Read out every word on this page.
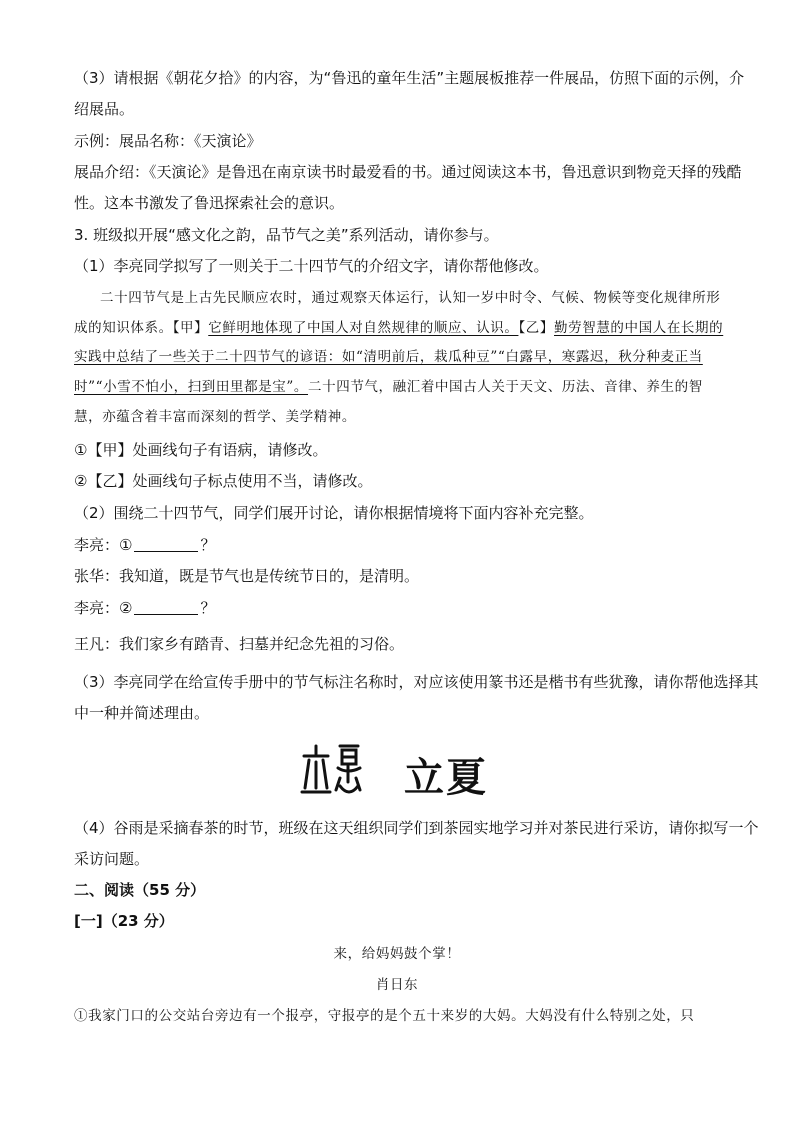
（3）请根据《朝花夕拾》的内容，为“鲁迅的童年生活”主题展板推荐一件展品，仿照下面的示例，介
绍展品。
示例：展品名称：《天演论》
展品介绍：《天演论》是鲁迅在南京读书时最爱看的书。通过阅读这本书，鲁迅意识到物竞天择的残酷
性。这本书激发了鲁迅探索社会的意识。
3. 班级拟开展“感文化之韵，品节气之美”系列活动，请你参与。
（1）李亮同学拟写了一则关于二十四节气的介绍文字，请你帮他修改。
二十四节气是上古先民顺应农时，通过观察天体运行，认知一岁中时令、气候、物候等变化规律所形
成的知识体系。【甲】它鲜明地体现了中国人对自然规律的顺应、认识。【乙】勤劳智慧的中国人在长期的
实践中总结了一些关于二十四节气的谚语：如“清明前后，栽瓜种豆”“白露早，寒露迟，秋分种麦正当
时”“小雪不怕小，扫到田里都是宝”。二十四节气，融汇着中国古人关于天文、历法、音律、养生的智
慧，亦蕴含着丰富而深刻的哲学、美学精神。
①【甲】处画线句子有语病，请修改。
②【乙】处画线句子标点使用不当，请修改。
（2）围绕二十四节气，同学们展开讨论，请你根据情境将下面内容补充完整。
李亮：①	？
张华：我知道，既是节气也是传统节日的，是清明。
李亮：②	？
王凡：我们家乡有踏青、扫墓并纪念先祖的习俗。
（3）李亮同学在给宣传手册中的节气标注名称时，对应该使用篆书还是楷书有些犹豫，请你帮他选择其
中一种并简述理由。
立夏
（4）谷雨是采摘春茶的时节，班级在这天组织同学们到茶园实地学习并对茶民进行采访，请你拟写一个
采访问题。
二、阅读（55 分）
[一]（23 分）
来，给妈妈鼓个掌！
肖日东
①我家门口的公交站台旁边有一个报亭，守报亭的是个五十来岁的大妈。大妈没有什么特别之处，只
